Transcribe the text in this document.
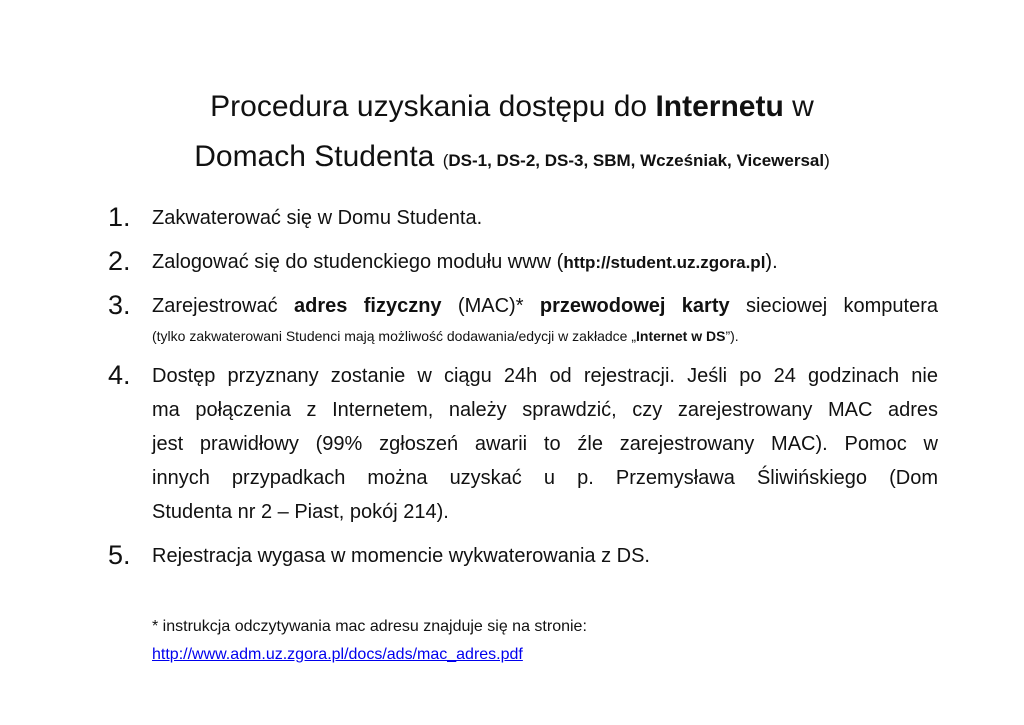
Procedura uzyskania dostępu do Internetu w
Domach Studenta (DS-1, DS-2, DS-3, SBM, Wcześniak, Vicewersal)
1. Zakwaterować się w Domu Studenta.
2. Zalogować się do studenckiego modułu www (http://student.uz.zgora.pl).
3. Zarejestrować adres fizyczny (MAC)* przewodowej karty sieciowej komputera

(tylko zakwaterowani Studenci mają możliwość dodawania/edycji w zakładce „Internet w DS”).
4. Dostęp przyznany zostanie w ciągu 24h od rejestracji. Jeśli po 24 godzinach nie

ma połączenia z Internetem, należy sprawdzić, czy zarejestrowany MAC adres

jest prawidłowy (99% zgłoszeń awarii to źle zarejestrowany MAC). Pomoc w

innych przypadkach można uzyskać u p. Przemysława Śliwińskiego (Dom

Studenta nr 2 – Piast, pokój 214).

5. Rejestracja wygasa w momencie wykwaterowania z DS.
* instrukcja odczytywania mac adresu znajduje się na stronie:
http://www.adm.uz.zgora.pl/docs/ads/mac_adres.pdf
